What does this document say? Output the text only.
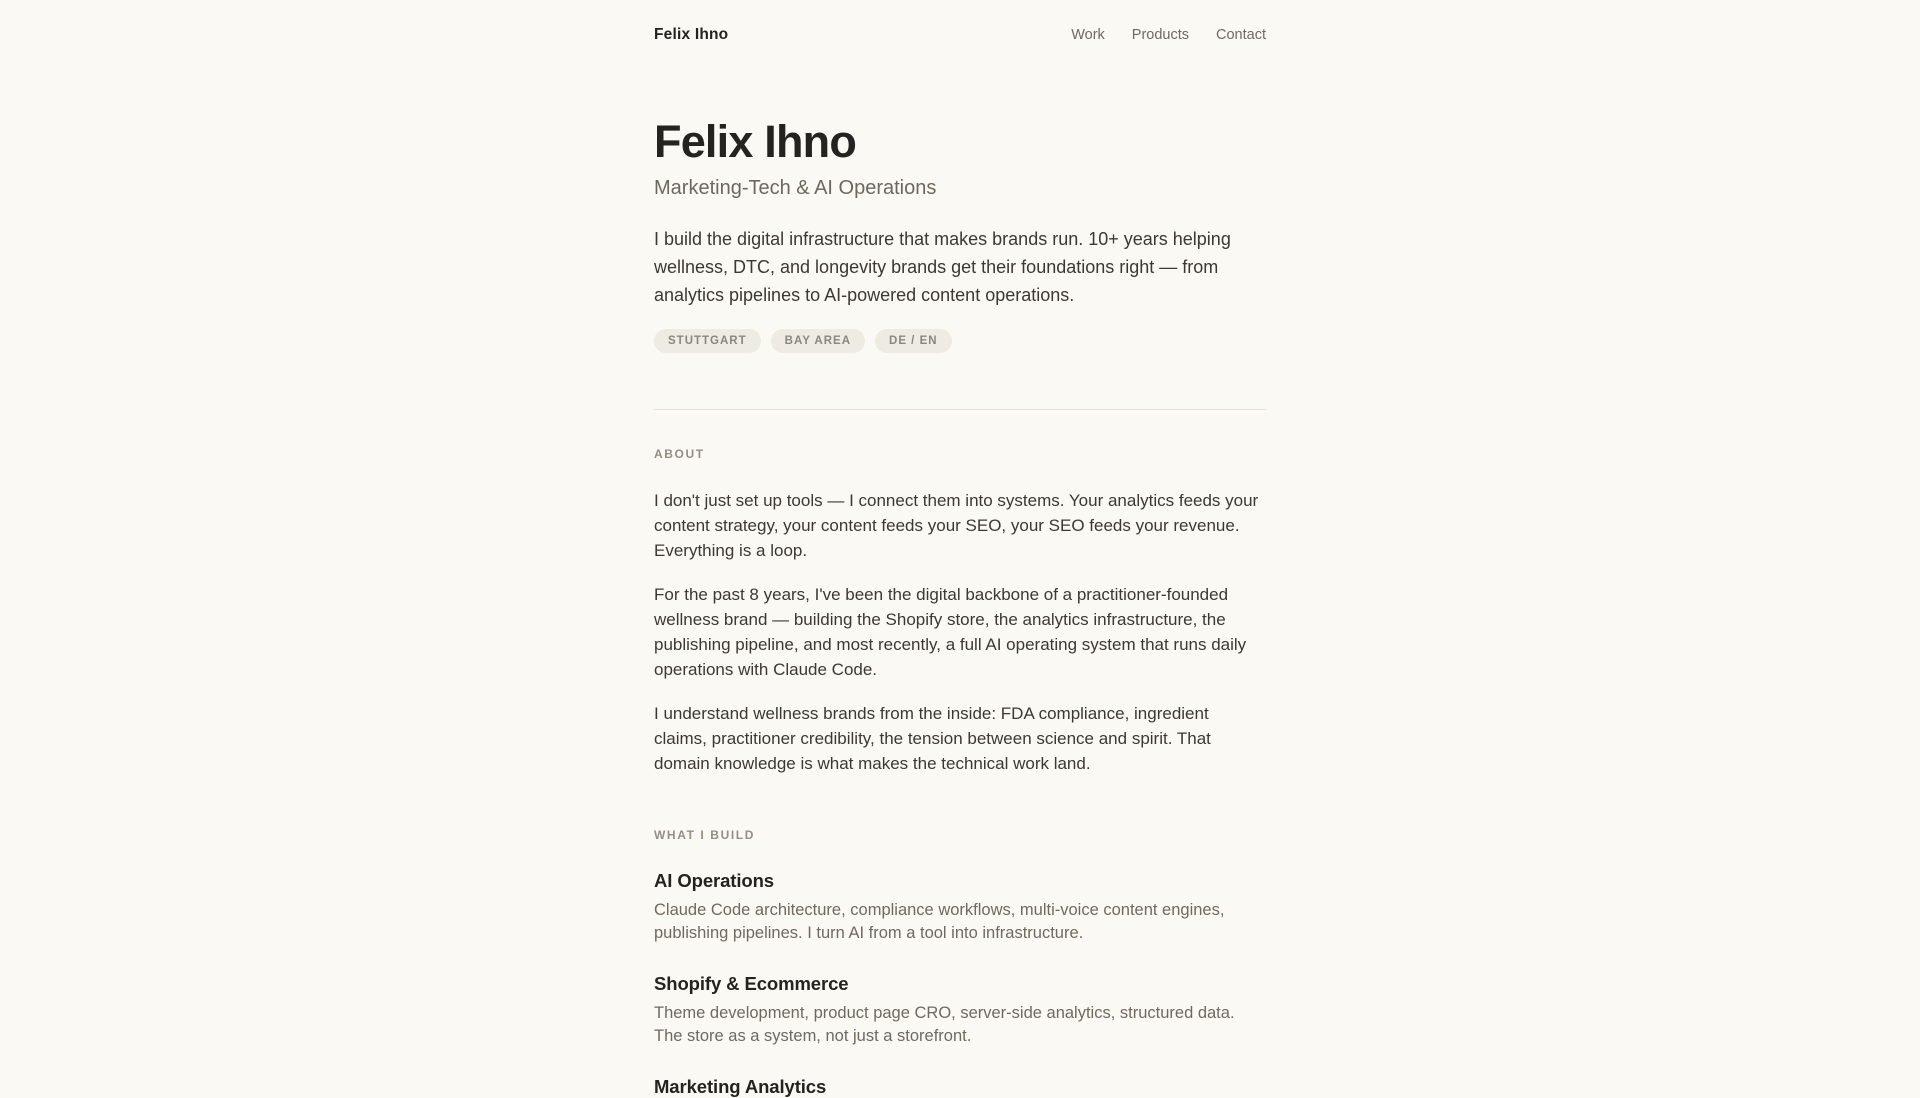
Felix Ihno	Work Products Contact
Felix Ihno

Marketing-Tech & AI Operations

I build the digital infrastructure that makes brands run. 10+ years helping wellness, DTC, and longevity brands get their foundations right — from analytics pipelines to AI-powered content operations.

STUTTGART	BAY AREA	DE / EN
ABOUT

I don't just set up tools — I connect them into systems. Your analytics feeds your content strategy, your content feeds your SEO, your SEO feeds your revenue. Everything is a loop.

For the past 8 years, I've been the digital backbone of a practitioner-founded wellness brand — building the Shopify store, the analytics infrastructure, the publishing pipeline, and most recently, a full AI operating system that runs daily operations with Claude Code.

I understand wellness brands from the inside: FDA compliance, ingredient claims, practitioner credibility, the tension between science and spirit. That domain knowledge is what makes the technical work land.

WHAT I BUILD
AI Operations

Claude Code architecture, compliance workflows, multi-voice content engines, publishing pipelines. I turn AI from a tool into infrastructure.

Shopify & Ecommerce

Theme development, product page CRO, server-side analytics, structured data. The store as a system, not just a storefront.

Marketing Analytics
